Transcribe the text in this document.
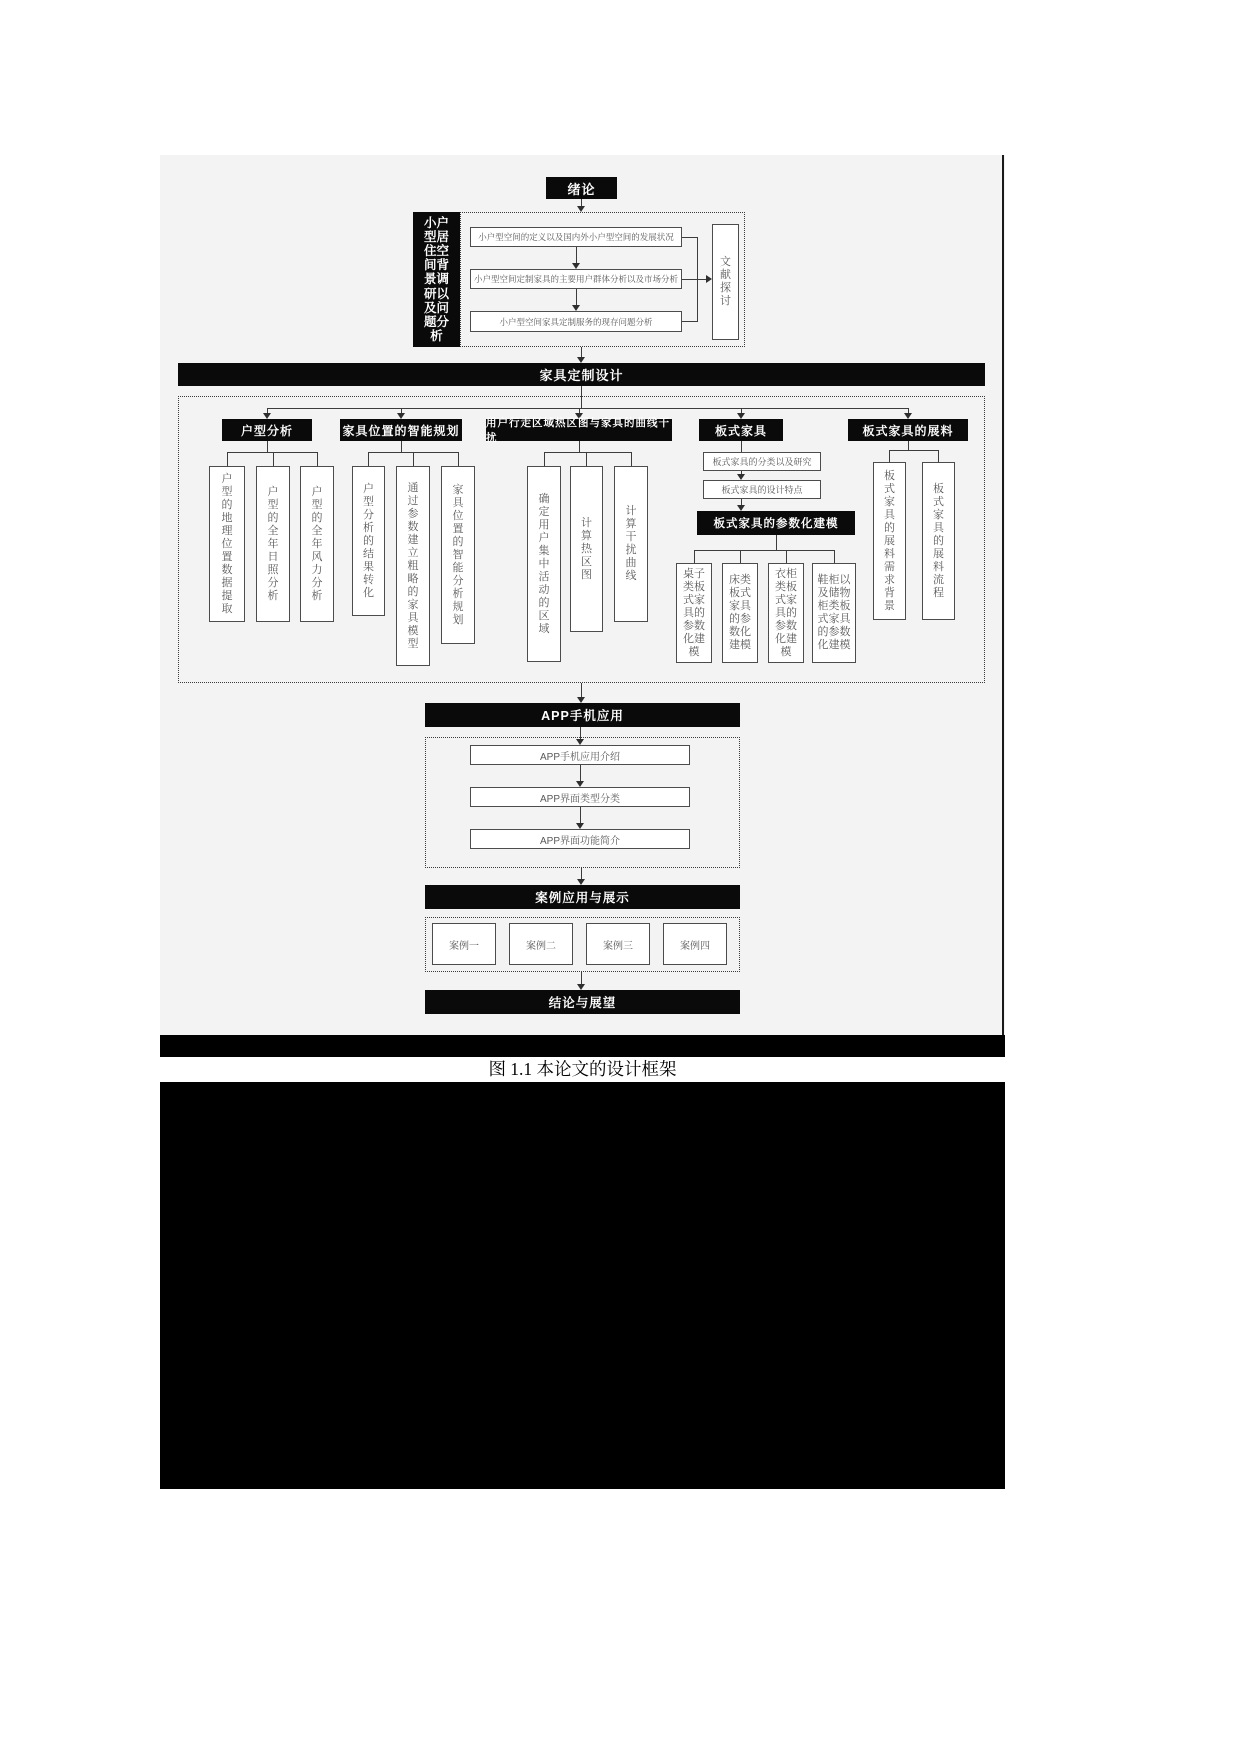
绪论
小户型居住空间背景调研以及问题分析
小户型空间的定义以及国内外小户型空间的发展状况
小户型空间定制家具的主要用户群体分析以及市场分析
小户型空间家具定制服务的现存问题分析
文献探讨
家具定制设计
户型分析
户型的地理位置数据提取
户型的全年日照分析
户型的全年风力分析
家具位置的智能规划
户型分析的结果转化
通过参数建立粗略的家具模型
家具位置的智能分析规划
用户行走区域热区图与家具的曲线干扰
确定用户集中活动的区域
计算热区图
计算干扰曲线
板式家具
板式家具的分类以及研究
板式家具的设计特点
板式家具的参数化建模
桌子类板式家具的参数化建模
床类板式家具的参数化建模
衣柜类板式家具的参数化建模
鞋柜以及储物柜类板式家具的参数化建模
板式家具的展料
板式家具的展料需求背景
板式家具的展料流程
APP手机应用
APP手机应用介绍
APP界面类型分类
APP界面功能简介
案例应用与展示
案例一	案例二	案例三	案例四
结论与展望
图 1.1 本论文的设计框架
